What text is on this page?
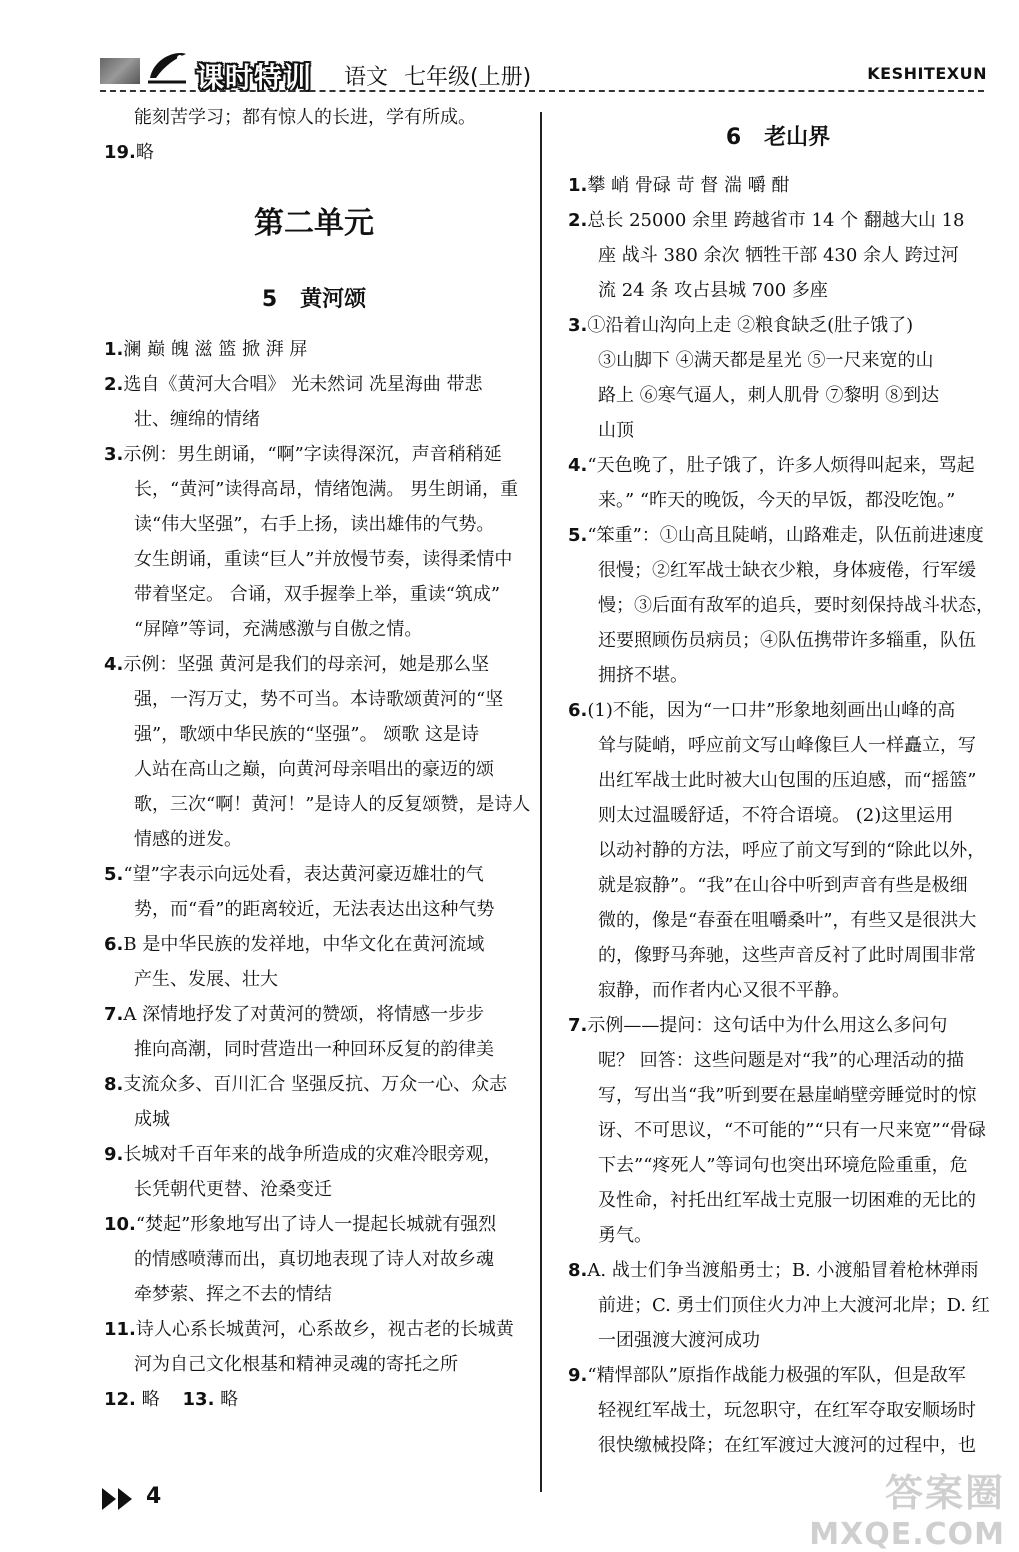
课时特训 语文 七年级(上册)	KESHITEXUN
能刻苦学习；都有惊人的长进，学有所成。
19.略
第二单元
5 黄河颂
1.澜 巅 魄 滋 篮 掀 湃 屏
2.选自《黄河大合唱》 光未然词 冼星海曲 带悲
壮、缠绵的情绪
3.示例：男生朗诵，“啊”字读得深沉，声音稍稍延
长，“黄河”读得高昂，情绪饱满。 男生朗诵，重
读“伟大坚强”，右手上扬，读出雄伟的气势。
女生朗诵，重读“巨人”并放慢节奏，读得柔情中
带着坚定。 合诵，双手握拳上举，重读“筑成”
“屏障”等词，充满感激与自傲之情。
4.示例：坚强 黄河是我们的母亲河，她是那么坚
强，一泻万丈，势不可当。本诗歌颂黄河的“坚
强”，歌颂中华民族的“坚强”。 颂歌 这是诗
人站在高山之巅，向黄河母亲唱出的豪迈的颂
歌，三次“啊！黄河！”是诗人的反复颂赞，是诗人
情感的迸发。
5.“望”字表示向远处看，表达黄河豪迈雄壮的气
势，而“看”的距离较近，无法表达出这种气势
6.B 是中华民族的发祥地，中华文化在黄河流域
产生、发展、壮大
7.A 深情地抒发了对黄河的赞颂，将情感一步步
推向高潮，同时营造出一种回环反复的韵律美
8.支流众多、百川汇合 坚强反抗、万众一心、众志
成城
9.长城对千百年来的战争所造成的灾难冷眼旁观，
长凭朝代更替、沧桑变迁
10.“焚起”形象地写出了诗人一提起长城就有强烈
的情感喷薄而出，真切地表现了诗人对故乡魂
牵梦萦、挥之不去的情结
11.诗人心系长城黄河，心系故乡，视古老的长城黄
河为自己文化根基和精神灵魂的寄托之所
12. 略 13. 略
6 老山界
1.攀 峭 骨碌 苛 督 湍 嚼 酣
2.总长 25000 余里 跨越省市 14 个 翻越大山 18
座 战斗 380 余次 牺牲干部 430 余人 跨过河
流 24 条 攻占县城 700 多座
3.①沿着山沟向上走 ②粮食缺乏(肚子饿了)
③山脚下 ④满天都是星光 ⑤一尺来宽的山
路上 ⑥寒气逼人，刺人肌骨 ⑦黎明 ⑧到达
山顶
4.“天色晚了，肚子饿了，许多人烦得叫起来，骂起
来。” “昨天的晚饭，今天的早饭，都没吃饱。”
5.“笨重”：①山高且陡峭，山路难走，队伍前进速度
很慢；②红军战士缺衣少粮，身体疲倦，行军缓
慢；③后面有敌军的追兵，要时刻保持战斗状态，
还要照顾伤员病员；④队伍携带许多辎重，队伍
拥挤不堪。
6.(1)不能，因为“一口井”形象地刻画出山峰的高
耸与陡峭，呼应前文写山峰像巨人一样矗立，写
出红军战士此时被大山包围的压迫感，而“摇篮”
则太过温暖舒适，不符合语境。 (2)这里运用
以动衬静的方法，呼应了前文写到的“除此以外，
就是寂静”。“我”在山谷中听到声音有些是极细
微的，像是“春蚕在咀嚼桑叶”，有些又是很洪大
的，像野马奔驰，这些声音反衬了此时周围非常
寂静，而作者内心又很不平静。
7.示例——提问：这句话中为什么用这么多问句
呢？ 回答：这些问题是对“我”的心理活动的描
写，写出当“我”听到要在悬崖峭壁旁睡觉时的惊
讶、不可思议，“不可能的”“只有一尺来宽”“骨碌
下去”“疼死人”等词句也突出环境危险重重，危
及性命，衬托出红军战士克服一切困难的无比的
勇气。
8.A. 战士们争当渡船勇士；B. 小渡船冒着枪林弹雨
前进；C. 勇士们顶住火力冲上大渡河北岸；D. 红
一团强渡大渡河成功
9.“精悍部队”原指作战能力极强的军队，但是敌军
轻视红军战士，玩忽职守，在红军夺取安顺场时
很快缴械投降；在红军渡过大渡河的过程中，也
4	答案圈
MXQE.COM
